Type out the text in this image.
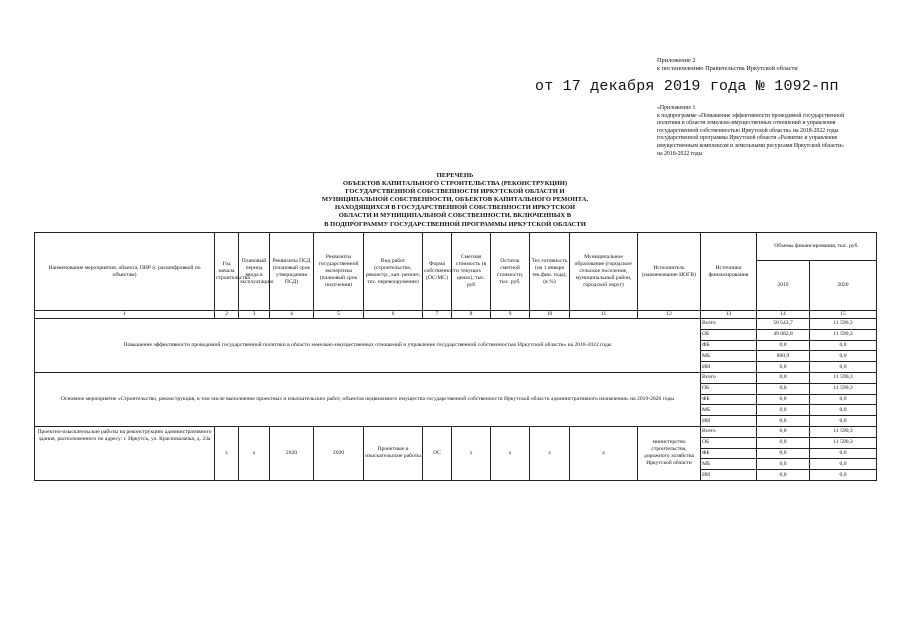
Приложение 2
к постановлению Правительства Иркутской области
от 17 декабря 2019 года № 1092-пп
«Приложение 1
к подпрограмме «Повышение эффективности проводимой государственной
политики в области земельно-имущественных отношений и управления
государственной собственностью Иркутской области» на 2018-2022 годы
государственной программы Иркутской области «Развитие и управление
имущественным комплексом и земельными ресурсами Иркутской области»
на 2018-2022 годы
ПЕРЕЧЕНЬ
ОБЪЕКТОВ КАПИТАЛЬНОГО СТРОИТЕЛЬСТВА (РЕКОНСТРУКЦИИ)
ГОСУДАРСТВЕННОЙ СОБСТВЕННОСТИ ИРКУТСКОЙ ОБЛАСТИ И
МУНИЦИПАЛЬНОЙ СОБСТВЕННОСТИ, ОБЪЕКТОВ КАПИТАЛЬНОГО РЕМОНТА,
НАХОДЯЩИХСЯ В ГОСУДАРСТВЕННОЙ СОБСТВЕННОСТИ ИРКУТСКОЙ
ОБЛАСТИ И МУНИЦИПАЛЬНОЙ СОБСТВЕННОСТИ, ВКЛЮЧЕННЫХ В
В ПОДПРОГРАММУ ГОСУДАРСТВЕННОЙ ПРОГРАММЫ ИРКУТСКОЙ ОБЛАСТИ
Наименование мероприятия, объекта, ПИР (с расшифровкой по объектам)	Год начала строительства	Плановый период ввода в эксплуатацию	Реквизиты ПСД (плановый срок утверждения ПСД)	Реквизиты государственной экспертизы (плановый срок получения)	Вид работ (строительство, реконстр., кап. ремонт, тех. перевооружение)	Форма собственности (ОС/МС)	Сметная стоимость (в текущих ценах), тыс. руб	Остаток сметной стоимости, тыс. руб.	Тех готовность (на 1 января тек.фин. года), (в %)	Муниципальное образование (городское/сельское поселение, муниципальный район, городской округ)	Исполнитель (наименование ИОГВ)	Источники финансирования	Объемы финансирования, тыс. руб.	
													2019	2020
1	2	3	4	5	6	7	8	9	10	11	12	13	14	15
Повышение эффективности проводимой государственной политики в области земельно-имущественных отношений и управление государственной собственностью Иркутской области» на 2018-2022 годы												Всего	50 543,7	11 590,3
												ОБ	49 682,8	11 590,3
												ФБ	0,0	0,0
												МБ	860,9	0,0
												ИИ	0,0	0,0
Основное мероприятие «Строительство, реконструкция, в том числе выполнение проектных и изыскательских работ, объектов недвижимого имущества государственной собственности Иркутской области административного назначения» на 2019-2020 годы												Всего	0,0	11 590,3
												ОБ	0,0	11 590,3
												ФБ	0,0	0,0
												МБ	0,0	0,0
												ИИ	0,0	0,0
Проектно-изыскательские работы на реконструкцию административного здания, расположенного по адресу: г. Иркутск, ул. Красноказачья, д. 23а	х	х	2020	2020	Проектные и изыскательские работы	ОС	х	х	х	х	министерство строительства, дорожного хозяйства Иркутской области	Всего	0,0	11 590,3
												ОБ	0,0	11 590,3
												ФБ	0,0	0,0
												МБ	0,0	0,0
												ИИ	0,0	0,0
